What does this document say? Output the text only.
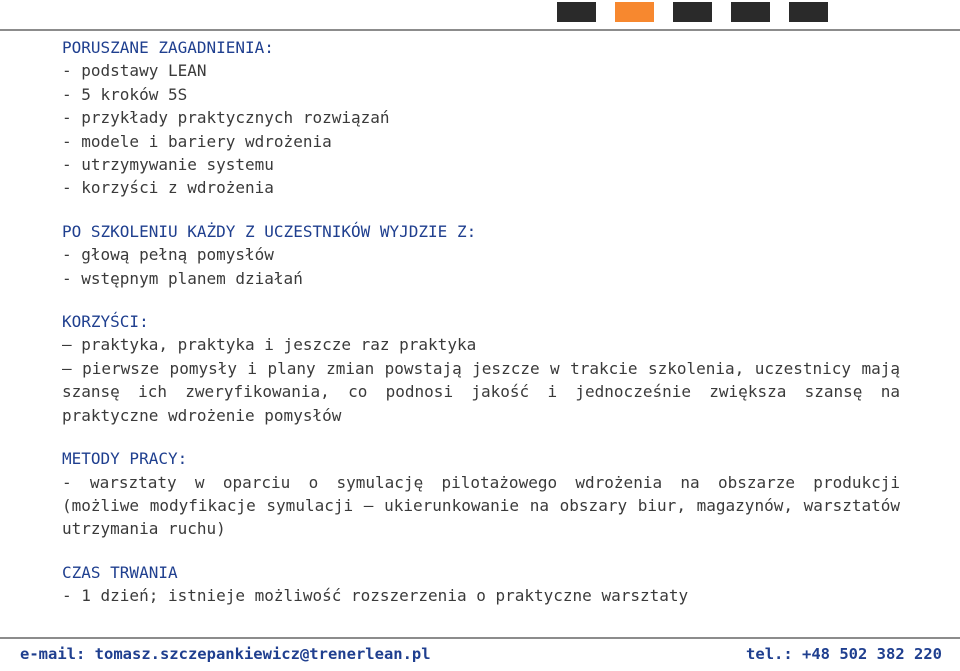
PORUSZANE ZAGADNIENIA:
- podstawy LEAN
- 5 kroków 5S
- przykłady praktycznych rozwiązań
- modele i bariery wdrożenia
- utrzymywanie systemu
- korzyści z wdrożenia
PO SZKOLENIU KAŻDY Z UCZESTNIKÓW WYJDZIE Z:
- głową pełną pomysłów
- wstępnym planem działań
KORZYŚCI:
– praktyka, praktyka i jeszcze raz praktyka
– pierwsze pomysły i plany zmian powstają jeszcze w trakcie szkolenia, uczestnicy mają szansę ich zweryfikowania, co podnosi jakość i jednocześnie zwiększa szansę na praktyczne wdrożenie pomysłów
METODY PRACY:
- warsztaty w oparciu o symulację pilotażowego wdrożenia na obszarze produkcji (możliwe modyfikacje symulacji – ukierunkowanie na obszary biur, magazynów, warsztatów utrzymania ruchu)
CZAS TRWANIA
- 1 dzień; istnieje możliwość rozszerzenia o praktyczne warsztaty
e-mail: tomasz.szczepankiewicz@trenerlean.pl	tel.: +48 502 382 220
